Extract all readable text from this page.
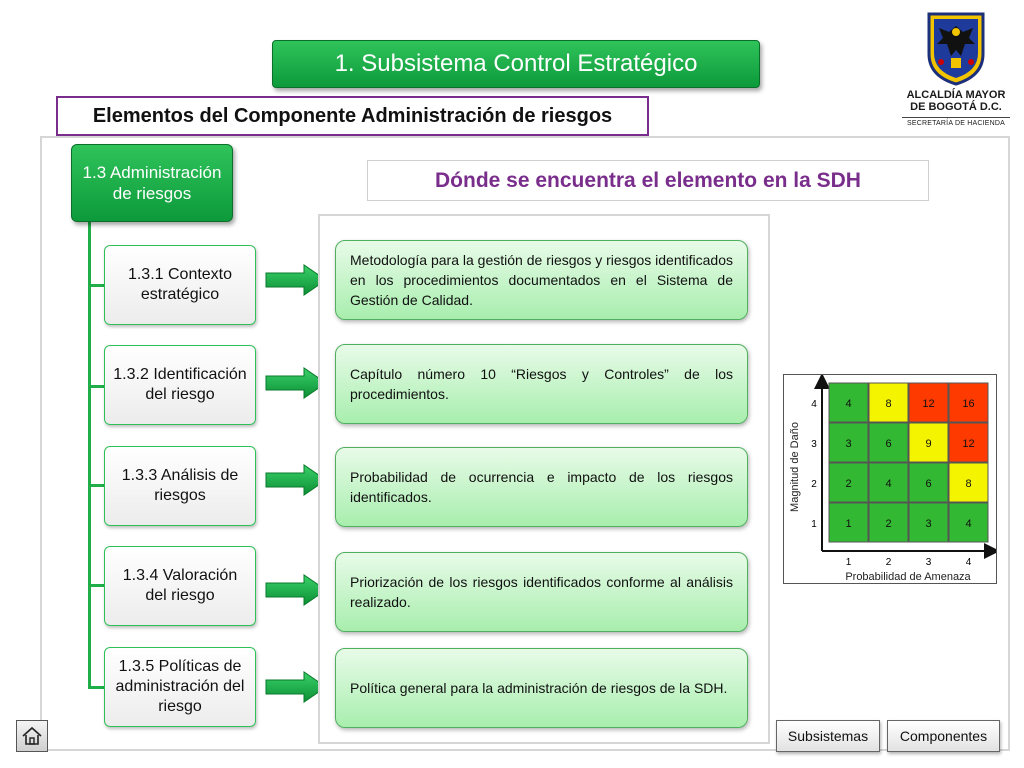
1. Subsistema Control Estratégico
ALCALDÍA MAYOR
DE BOGOTÁ D.C.
SECRETARÍA DE HACIENDA
Elementos del Componente Administración de riesgos
1.3 Administración de riesgos
1.3.1 Contexto estratégico
1.3.2 Identificación del riesgo
1.3.3 Análisis de riesgos
1.3.4 Valoración del riesgo
1.3.5 Políticas de administración del riesgo
Dónde se encuentra el elemento en la SDH
Metodología para la gestión de riesgos y riesgos identificados en los procedimientos documentados en el Sistema de Gestión de Calidad.
Capítulo número 10 “Riesgos y Controles” de los procedimientos.
Probabilidad de ocurrencia e impacto de los riesgos identificados.
Priorización de los riesgos identificados conforme al análisis realizado.
Política general para la administración de riesgos de la SDH.
4	8	12	16
3	6	9	12
2	4	6	8
1	2	3	4
Magnitud de Daño
Probabilidad de Amenaza
4
3
2
1
1	2	3	4
Subsistemas	Componentes
